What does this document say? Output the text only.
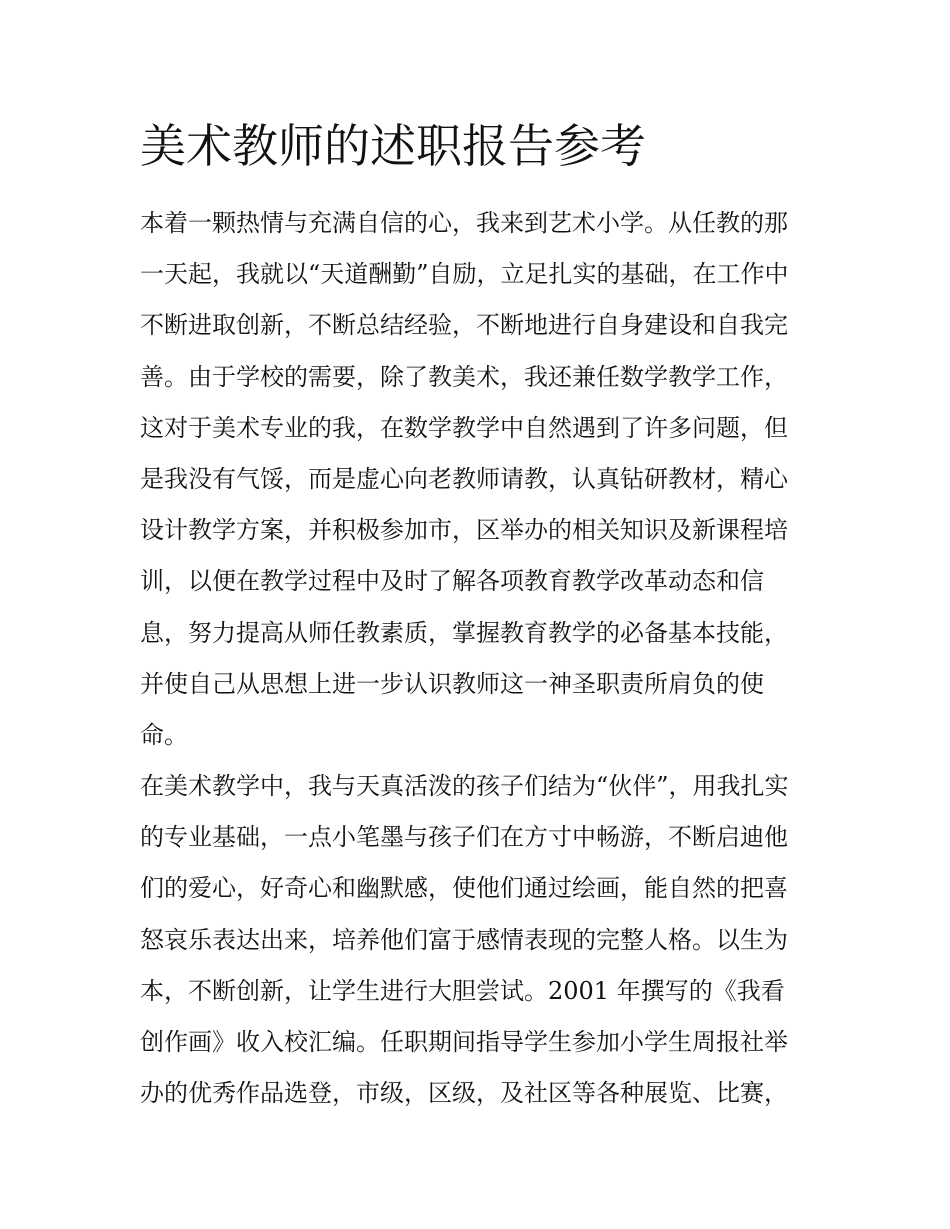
美术教师的述职报告参考
本着一颗热情与充满自信的心，我来到艺术小学。从任教的那
一天起，我就以“天道酬勤”自励，立足扎实的基础，在工作中
不断进取创新，不断总结经验，不断地进行自身建设和自我完
善。由于学校的需要，除了教美术，我还兼任数学教学工作，
这对于美术专业的我，在数学教学中自然遇到了许多问题，但
是我没有气馁，而是虚心向老教师请教，认真钻研教材，精心
设计教学方案，并积极参加市，区举办的相关知识及新课程培
训，以便在教学过程中及时了解各项教育教学改革动态和信
息，努力提高从师任教素质，掌握教育教学的必备基本技能，
并使自己从思想上进一步认识教师这一神圣职责所肩负的使
命。
在美术教学中，我与天真活泼的孩子们结为“伙伴”，用我扎实
的专业基础，一点小笔墨与孩子们在方寸中畅游，不断启迪他
们的爱心，好奇心和幽默感，使他们通过绘画，能自然的把喜
怒哀乐表达出来，培养他们富于感情表现的完整人格。以生为
本，不断创新，让学生进行大胆尝试。2001 年撰写的《我看
创作画》收入校汇编。任职期间指导学生参加小学生周报社举
办的优秀作品选登，市级，区级，及社区等各种展览、比赛，
